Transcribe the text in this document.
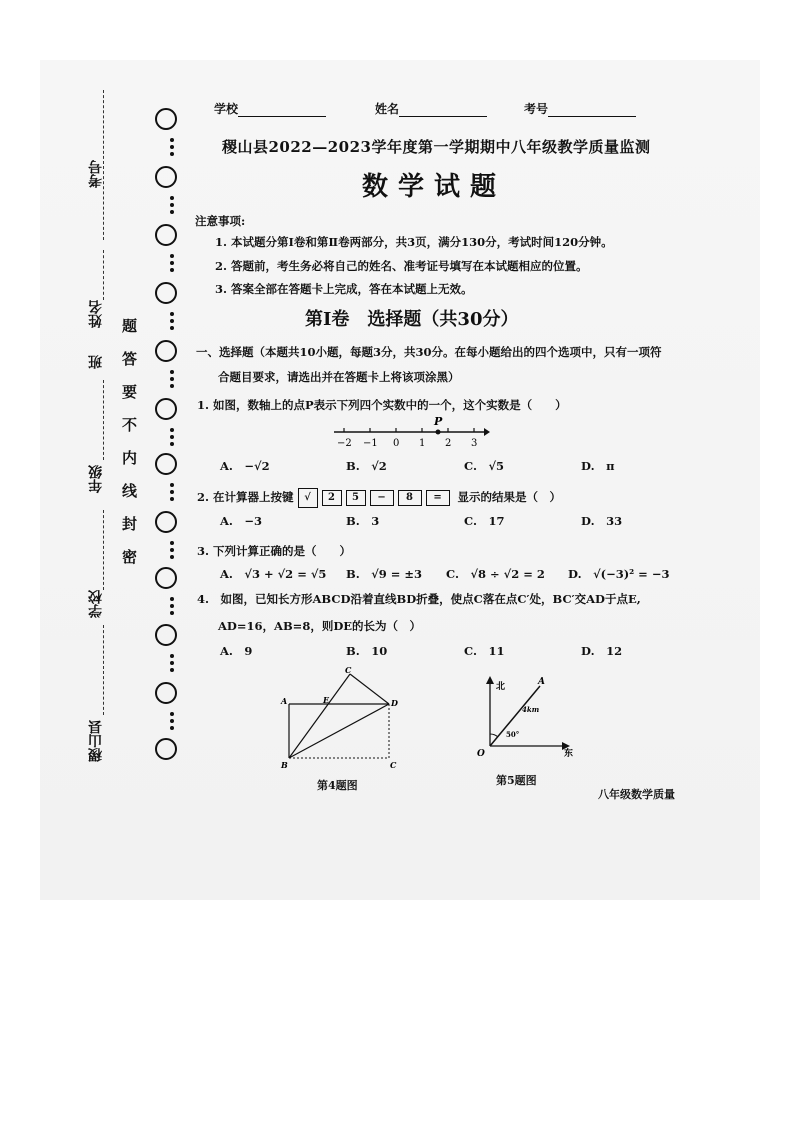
考号
姓名
班
年级
学校
稷山县
题
答
要
不
内
线
封
密
学校	姓名	考号
稷山县2022—2023学年度第一学期期中八年级教学质量监测
数学试题
注意事项:
1. 本试题分第Ⅰ卷和第Ⅱ卷两部分，共3页，满分130分，考试时间120分钟。
2. 答题前，考生务必将自己的姓名、准考证号填写在本试题相应的位置。
3. 答案全部在答题卡上完成，答在本试题上无效。
第Ⅰ卷　选择题（共30分）
一、选择题（本题共10小题，每题3分，共30分。在每小题给出的四个选项中，只有一项符
合题目要求，请选出并在答题卡上将该项涂黑）
1. 如图，数轴上的点P表示下列四个实数中的一个，这个实数是（　　）
−2 −1 0 1 2 3
P
A.　−√2	B.　√2	C.　√5	D.　π
2. 在计算器上按键 √ 2 5 − 8 = 显示的结果是（　）
A.　−3	B.　3	C.　17	D.　33
3. 下列计算正确的是（　　）
A.　√3 + √2 = √5 B.　√9 = ±3 C.　√8 ÷ √2 = 2 D.　√(−3)² = −3
4.　如图，已知长方形ABCD沿着直线BD折叠，使点C落在点C′处，BC′交AD于点E,
AD=16，AB=8，则DE的长为（　）
A.　9	B.　10	C.　11	D.　12
A
B	C
D
E
C
第4题图
北
东
O
A
4km
50°
第5题图
八年级数学质量
